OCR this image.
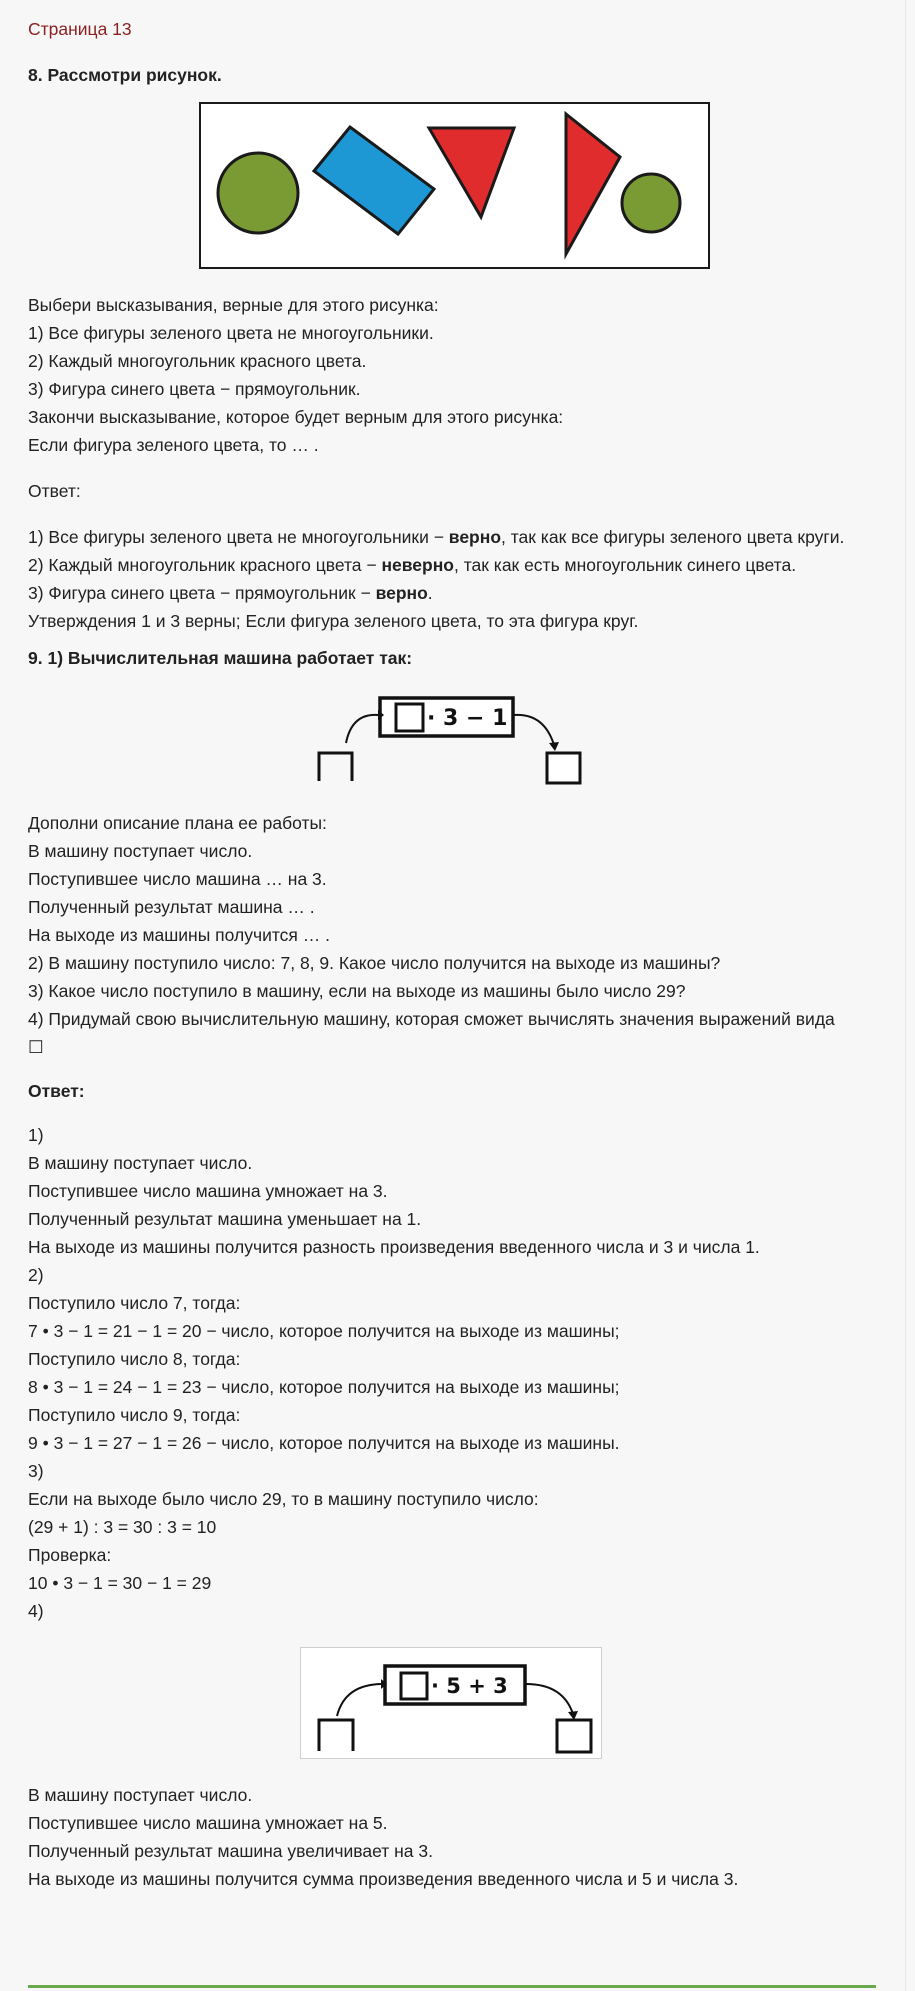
Страница 13
8. Рассмотри рисунок.

Выбери высказывания, верные для этого рисунка:

1) Все фигуры зеленого цвета не многоугольники.

2) Каждый многоугольник красного цвета.

3) Фигура синего цвета − прямоугольник.

Закончи высказывание, которое будет верным для этого рисунка:

Если фигура зеленого цвета, то … .

Ответ:

1) Все фигуры зеленого цвета не многоугольники − верно, так как все фигуры зеленого цвета круги.

2) Каждый многоугольник красного цвета − неверно, так как есть многоугольник синего цвета.

3) Фигура синего цвета − прямоугольник − верно.

Утверждения 1 и 3 верны; Если фигура зеленого цвета, то эта фигура круг.

9. 1) Вычислительная машина работает так:
· 3 − 1

Дополни описание плана ее работы:

В машину поступает число.

Поступившее число машина … на 3.

Полученный результат машина … .

На выходе из машины получится … .

2) В машину поступило число: 7, 8, 9. Какое число получится на выходе из машины?

3) Какое число поступило в машину, если на выходе из машины было число 29?

4) Придумай свою вычислительную машину, которая сможет вычислять значения выражений вида

☐

Ответ:

1)

В машину поступает число.

Поступившее число машина умножает на 3.

Полученный результат машина уменьшает на 1.

На выходе из машины получится разность произведения введенного числа и 3 и числа 1.

2)

Поступило число 7, тогда:

7 • 3 − 1 = 21 − 1 = 20 − число, которое получится на выходе из машины;

Поступило число 8, тогда:

8 • 3 − 1 = 24 − 1 = 23 − число, которое получится на выходе из машины;

Поступило число 9, тогда:

9 • 3 − 1 = 27 − 1 = 26 − число, которое получится на выходе из машины.

3)

Если на выходе было число 29, то в машину поступило число:

(29 + 1) : 3 = 30 : 3 = 10

Проверка:

10 • 3 − 1 = 30 − 1 = 29

4)

· 5 + 3

В машину поступает число.

Поступившее число машина умножает на 5.

Полученный результат машина увеличивает на 3.

На выходе из машины получится сумма произведения введенного числа и 5 и числа 3.
